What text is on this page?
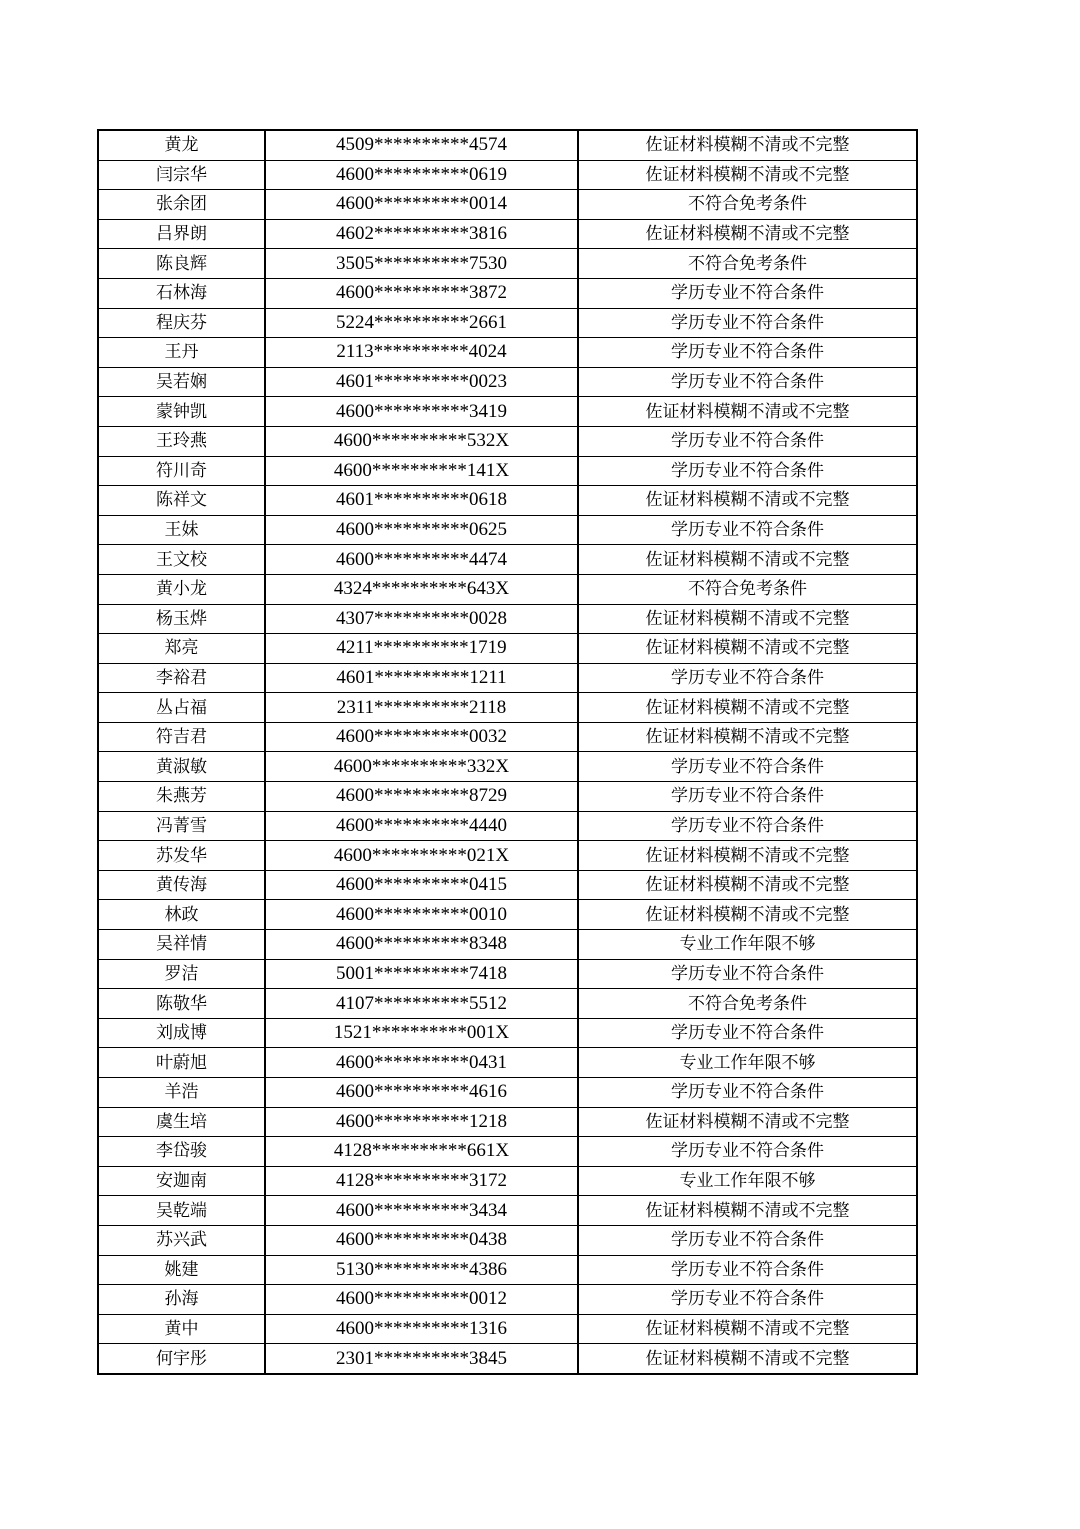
黄龙	4509**********4574	佐证材料模糊不清或不完整
闫宗华	4600**********0619	佐证材料模糊不清或不完整
张余团	4600**********0014	不符合免考条件
吕界朗	4602**********3816	佐证材料模糊不清或不完整
陈良辉	3505**********7530	不符合免考条件
石林海	4600**********3872	学历专业不符合条件
程庆芬	5224**********2661	学历专业不符合条件
王丹	2113**********4024	学历专业不符合条件
吴若娴	4601**********0023	学历专业不符合条件
蒙钟凯	4600**********3419	佐证材料模糊不清或不完整
王玲燕	4600**********532X	学历专业不符合条件
符川奇	4600**********141X	学历专业不符合条件
陈祥文	4601**********0618	佐证材料模糊不清或不完整
王妹	4600**********0625	学历专业不符合条件
王文校	4600**********4474	佐证材料模糊不清或不完整
黄小龙	4324**********643X	不符合免考条件
杨玉烨	4307**********0028	佐证材料模糊不清或不完整
郑亮	4211**********1719	佐证材料模糊不清或不完整
李裕君	4601**********1211	学历专业不符合条件
丛占福	2311**********2118	佐证材料模糊不清或不完整
符吉君	4600**********0032	佐证材料模糊不清或不完整
黄淑敏	4600**********332X	学历专业不符合条件
朱燕芳	4600**********8729	学历专业不符合条件
冯菁雪	4600**********4440	学历专业不符合条件
苏发华	4600**********021X	佐证材料模糊不清或不完整
黄传海	4600**********0415	佐证材料模糊不清或不完整
林政	4600**********0010	佐证材料模糊不清或不完整
吴祥情	4600**********8348	专业工作年限不够
罗洁	5001**********7418	学历专业不符合条件
陈敬华	4107**********5512	不符合免考条件
刘成博	1521**********001X	学历专业不符合条件
叶蔚旭	4600**********0431	专业工作年限不够
羊浩	4600**********4616	学历专业不符合条件
虞生培	4600**********1218	佐证材料模糊不清或不完整
李岱骏	4128**********661X	学历专业不符合条件
安迦南	4128**********3172	专业工作年限不够
吴乾端	4600**********3434	佐证材料模糊不清或不完整
苏兴武	4600**********0438	学历专业不符合条件
姚建	5130**********4386	学历专业不符合条件
孙海	4600**********0012	学历专业不符合条件
黄中	4600**********1316	佐证材料模糊不清或不完整
何宇彤	2301**********3845	佐证材料模糊不清或不完整
